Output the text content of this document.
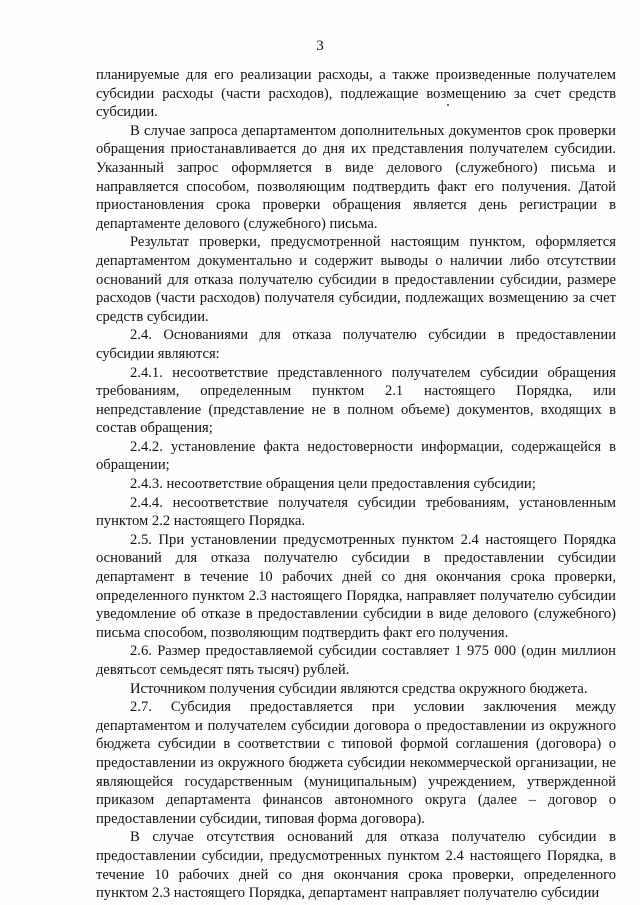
3

планируемые для его реализации расходы, а также произведенные получателем субсидии расходы (части расходов), подлежащие возмещению за счет средств субсидии.

В случае запроса департаментом дополнительных документов срок проверки обращения приостанавливается до дня их представления получателем субсидии. Указанный запрос оформляется в виде делового (служебного) письма и направляется способом, позволяющим подтвердить факт его получения. Датой приостановления срока проверки обращения является день регистрации в департаменте делового (служебного) письма.

Результат проверки, предусмотренной настоящим пунктом, оформляется департаментом документально и содержит выводы о наличии либо отсутствии оснований для отказа получателю субсидии в предоставлении субсидии, размере расходов (части расходов) получателя субсидии, подлежащих возмещению за счет средств субсидии.

2.4. Основаниями для отказа получателю субсидии в предоставлении субсидии являются:

2.4.1. несоответствие представленного получателем субсидии обращения требованиям, определенным пунктом 2.1 настоящего Порядка, или непредставление (представление не в полном объеме) документов, входящих в состав обращения;

2.4.2. установление факта недостоверности информации, содержащейся в обращении;

2.4.3. несоответствие обращения цели предоставления субсидии;

2.4.4. несоответствие получателя субсидии требованиям, установленным пунктом 2.2 настоящего Порядка.

2.5. При установлении предусмотренных пунктом 2.4 настоящего Порядка оснований для отказа получателю субсидии в предоставлении субсидии департамент в течение 10 рабочих дней со дня окончания срока проверки, определенного пунктом 2.3 настоящего Порядка, направляет получателю субсидии уведомление об отказе в предоставлении субсидии в виде делового (служебного) письма способом, позволяющим подтвердить факт его получения.

2.6. Размер предоставляемой субсидии составляет 1 975 000 (один миллион девятьсот семьдесят пять тысяч) рублей.

Источником получения субсидии являются средства окружного бюджета.

2.7. Субсидия предоставляется при условии заключения между департаментом и получателем субсидии договора о предоставлении из окружного бюджета субсидии в соответствии с типовой формой соглашения (договора) о предоставлении из окружного бюджета субсидии некоммерческой организации, не являющейся государственным (муниципальным) учреждением, утвержденной приказом департамента финансов автономного округа (далее – договор о предоставлении субсидии, типовая форма договора).

В случае отсутствия оснований для отказа получателю субсидии в предоставлении субсидии, предусмотренных пунктом 2.4 настоящего Порядка, в течение 10 рабочих дней со дня окончания срока проверки, определенного пунктом 2.3 настоящего Порядка, департамент направляет получателю субсидии
